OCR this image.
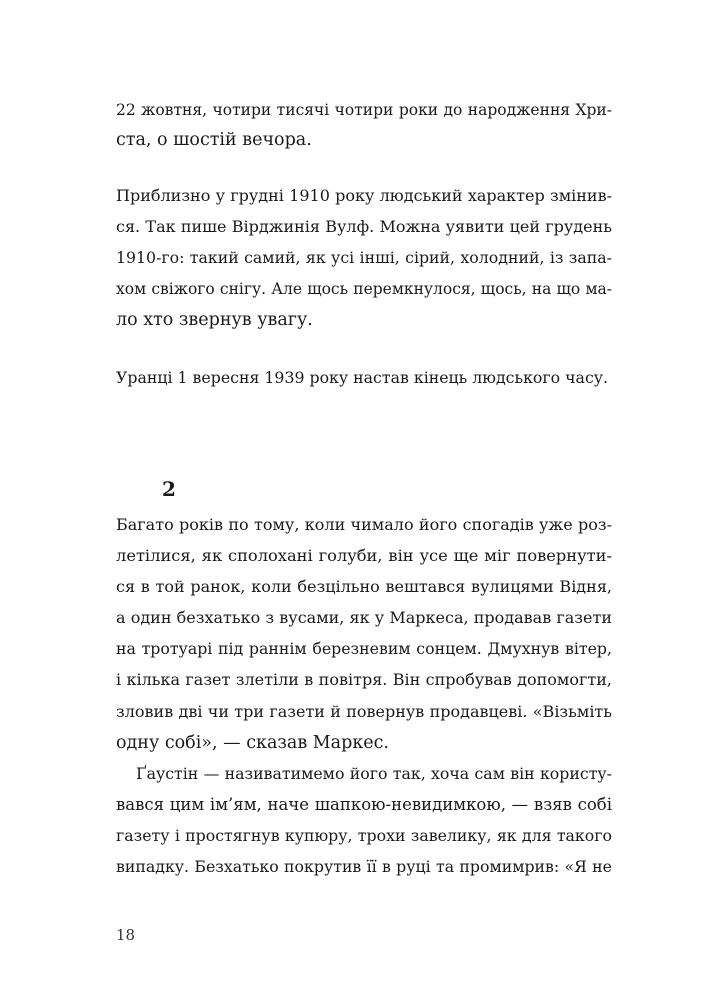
22 жовтня, чотири тисячі чотири роки до народження Хри-
ста, о шостій вечора.
Приблизно у грудні 1910 року людський характер змінив-
ся. Так пише Вірджинія Вулф. Можна уявити цей грудень
1910-го: такий самий, як усі інші, сірий, холодний, із запа-
хом свіжого снігу. Але щось перемкнулося, щось, на що ма-
ло хто звернув увагу.
Уранці 1 вересня 1939 року настав кінець людського часу.
2
Багато років по тому, коли чимало його спогадів уже роз-
летілися, як сполохані голуби, він усе ще міг повернути-
ся в той ранок, коли безцільно вештався вулицями Відня,
а один безхатько з вусами, як у Маркеса, продавав газети
на тротуарі під раннім березневим сонцем. Дмухнув вітер,
і кілька газет злетіли в повітря. Він спробував допомогти,
зловив дві чи три газети й повернув продавцеві. «Візьміть
одну собі», — сказав Маркес.
Ґаустін — називатимемо його так, хоча сам він користу-
вався цим ім’ям, наче шапкою-невидимкою, — взяв собі
газету і простягнув купюру, трохи завелику, як для такого
випадку. Безхатько покрутив її в руці та промимрив: «Я не
18
